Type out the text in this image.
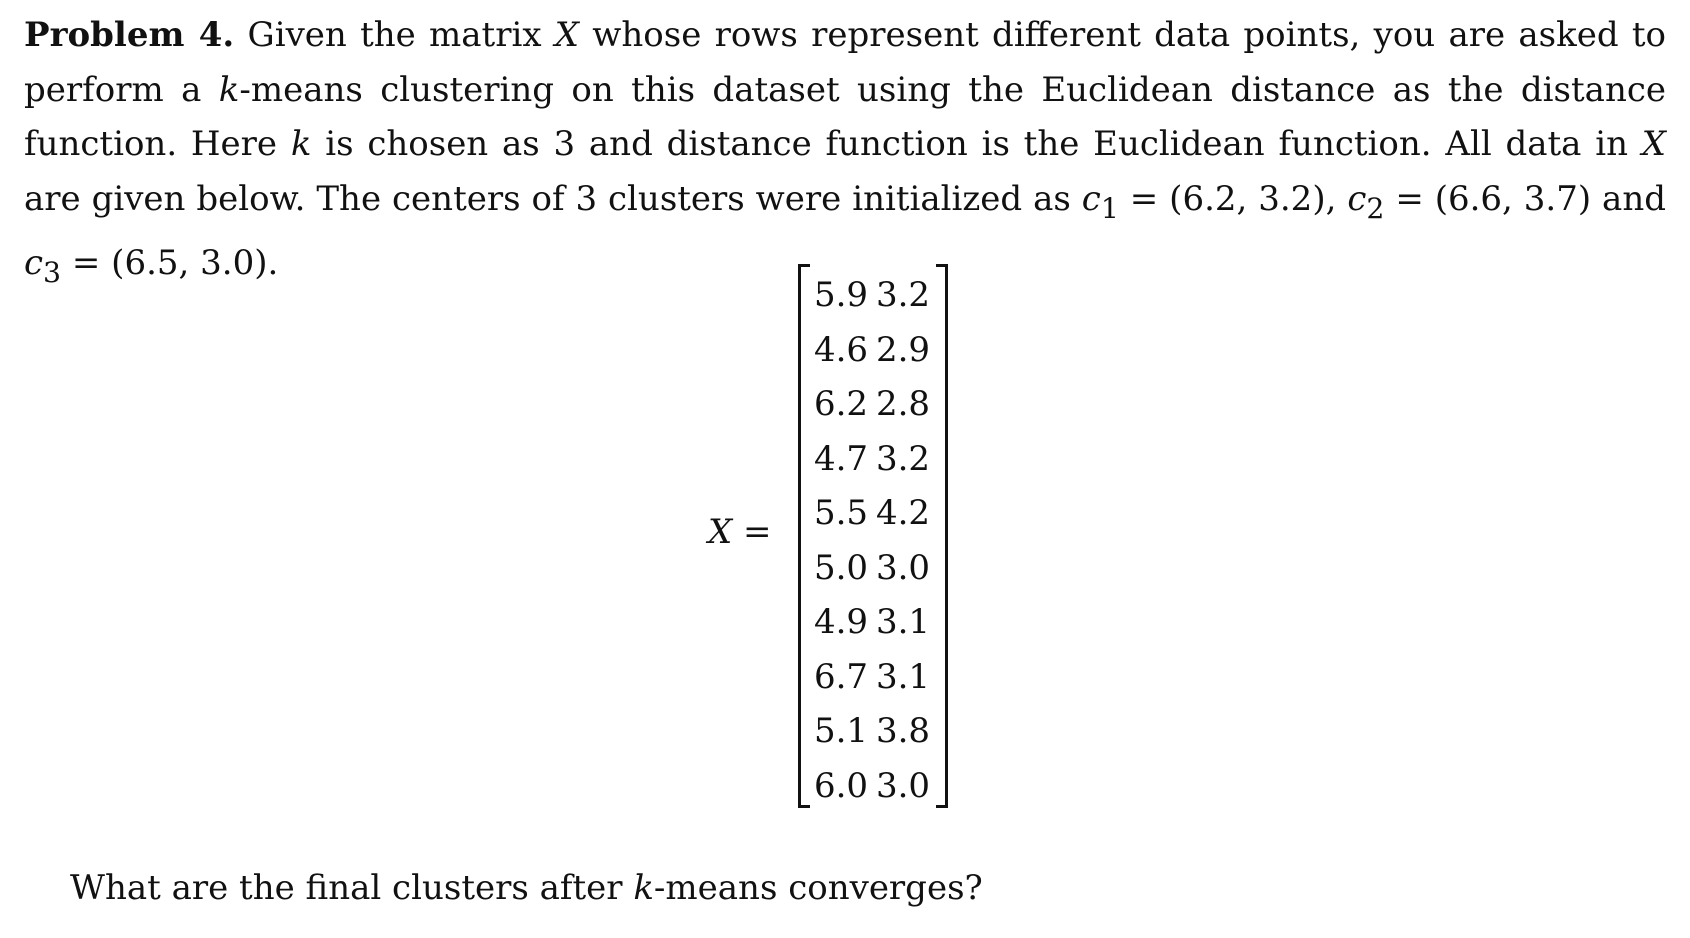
Problem 4. Given the matrix X whose rows represent different data points, you are asked to perform a k-means clustering on this dataset using the Euclidean distance as the distance function. Here k is chosen as 3 and distance function is the Euclidean function. All data in X are given below. The centers of 3 clusters were initialized as $c_1 = (6.2$, 3.2), $c_2 = (6.6$, 3.7) and $c_3 = (6.5$, 3.0).
X =
5.9 3.2
4.6 2.9
6.2 2.8
4.7 3.2
5.5 4.2
5.0 3.0
4.9 3.1
6.7 3.1
5.1 3.8
6.0 3.0
What are the final clusters after k-means converges?
